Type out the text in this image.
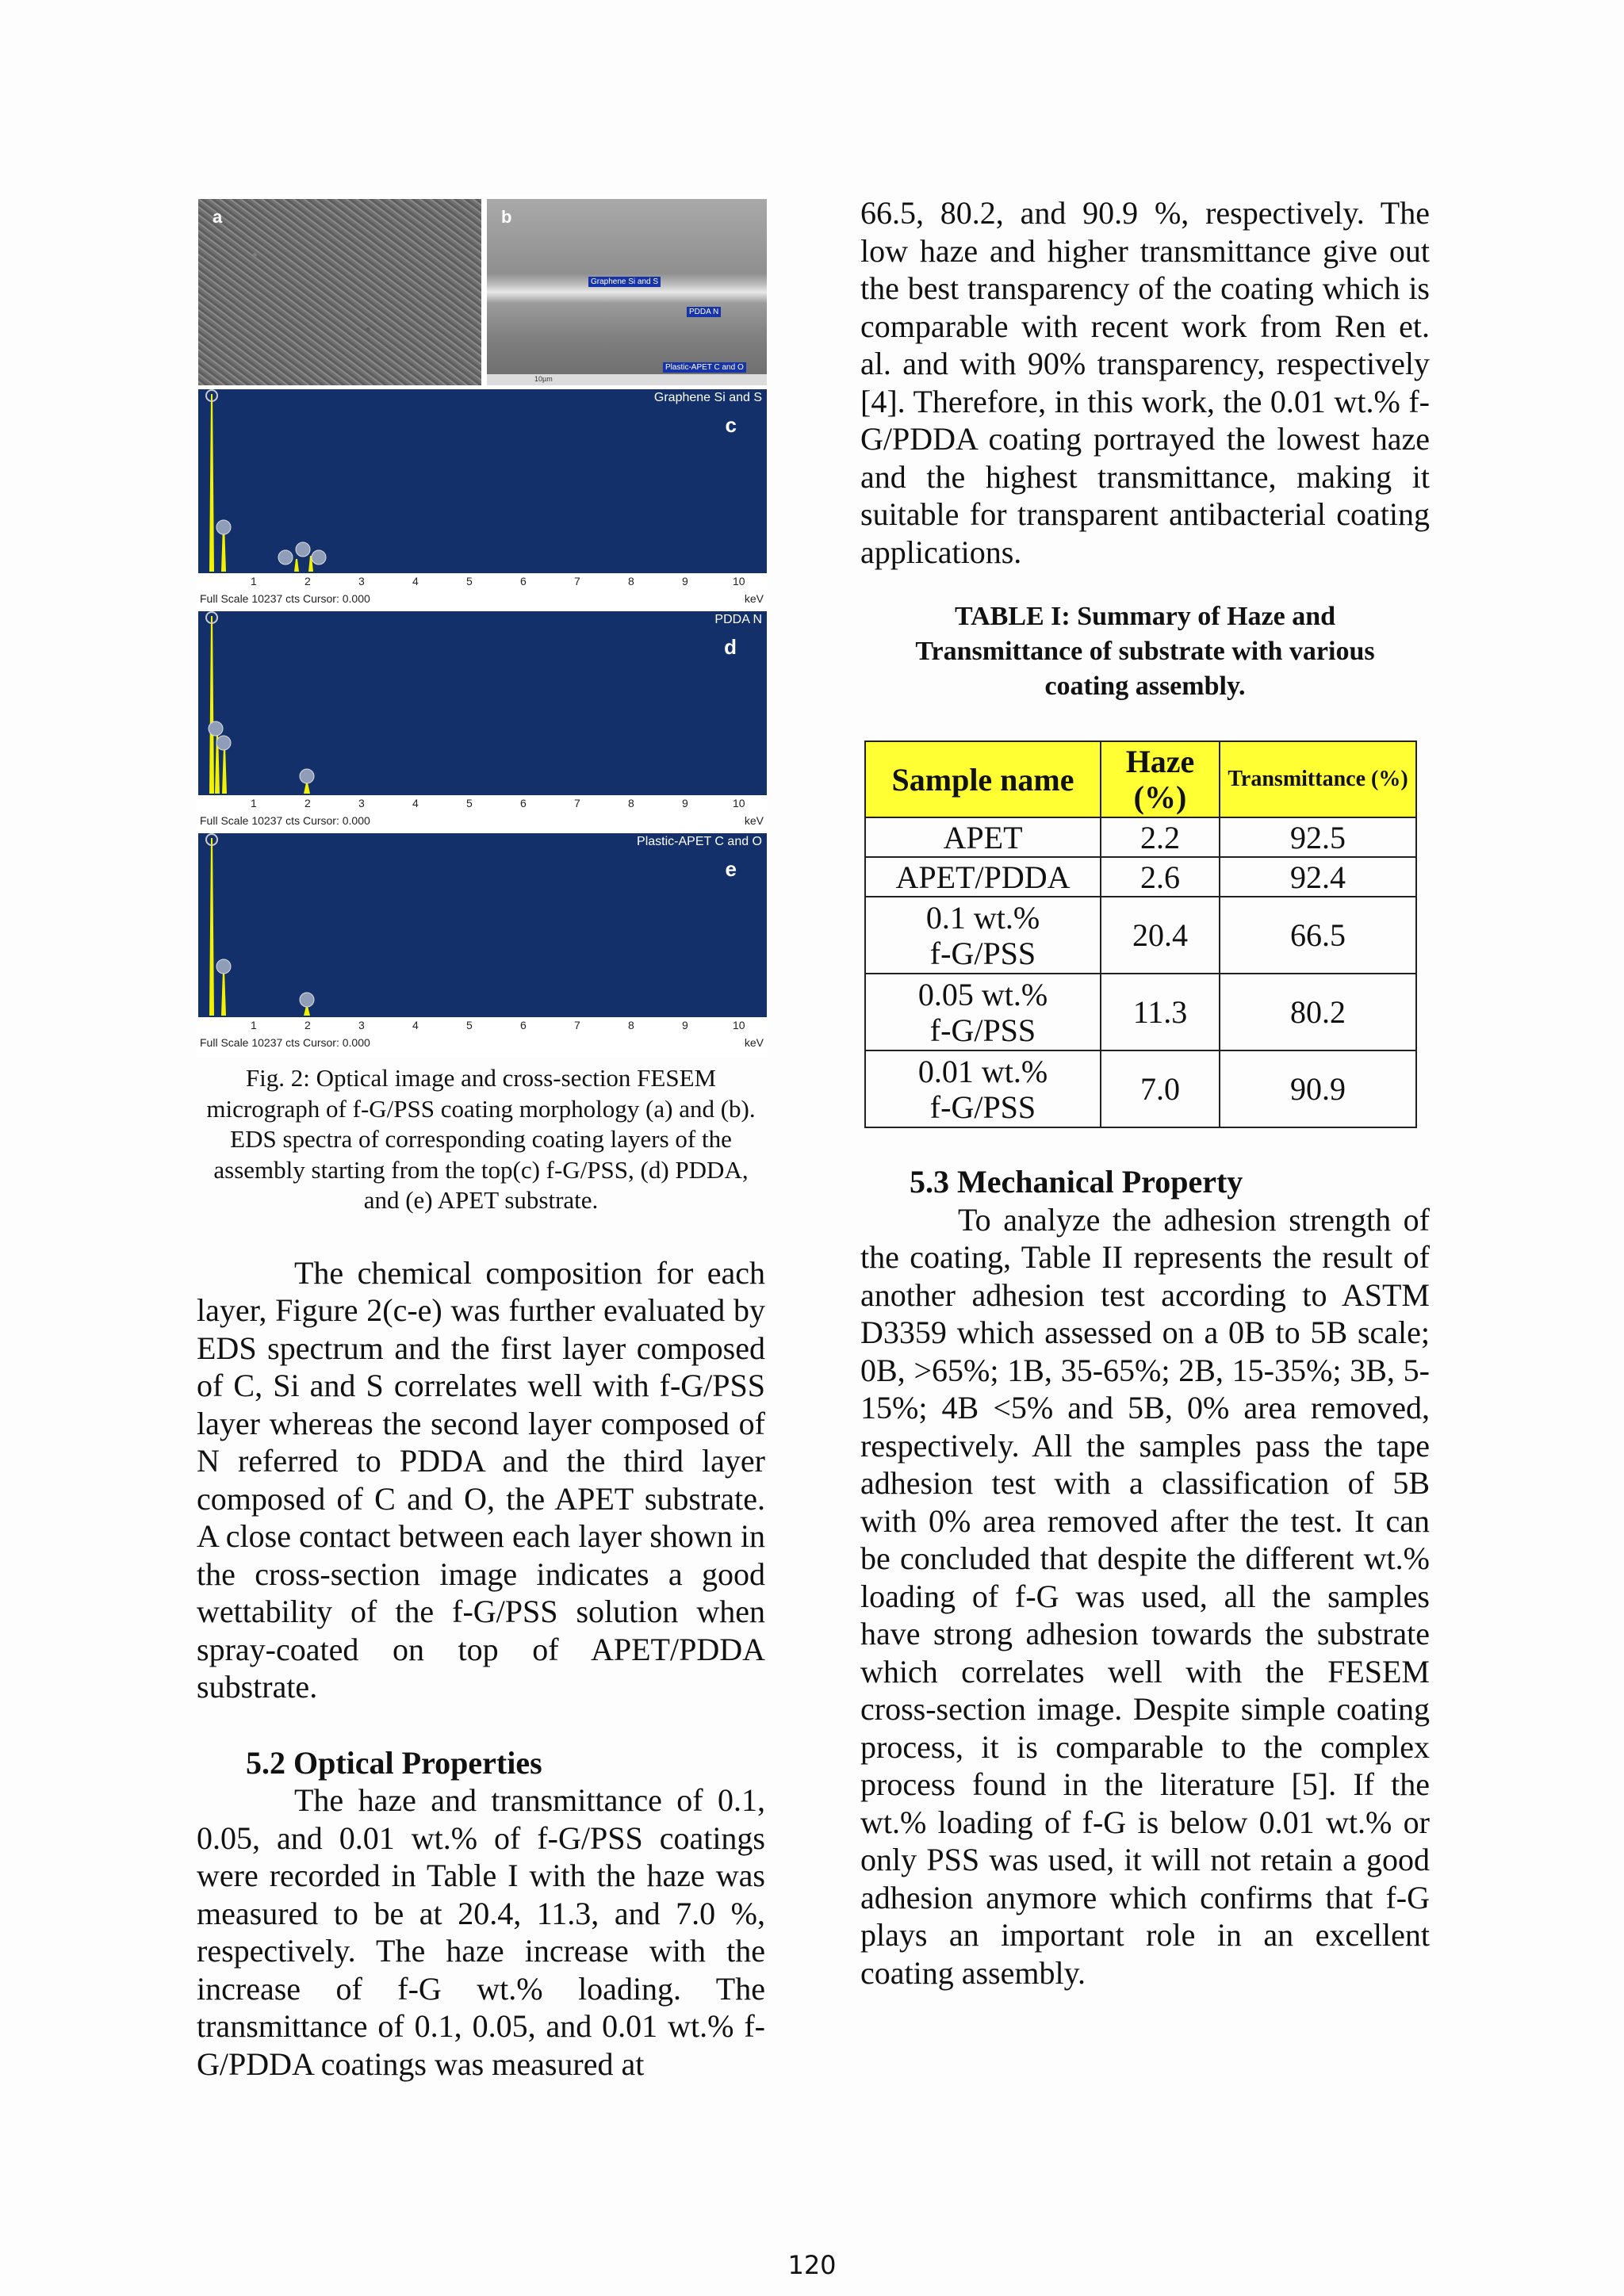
a	b
Graphene Si and S
PDDA N
Plastic-APET C and O
10µm
Graphene Si and S
c
1	2	3	4	5	6	7	8	9	10
Full Scale 10237 cts Cursor: 0.000	keV
PDDA N
d
1	2	3	4	5	6	7	8	9	10
Full Scale 10237 cts Cursor: 0.000	keV
Plastic-APET C and O
e
1	2	3	4	5	6	7	8	9	10
Full Scale 10237 cts Cursor: 0.000	keV

Fig. 2: Optical image and cross-section FESEM micrograph of f-G/PSS coating morphology (a) and (b). EDS spectra of corresponding coating layers of the assembly starting from the top(c) f-G/PSS, (d) PDDA, and (e) APET substrate.

The chemical composition for each layer, Figure 2(c-e) was further evaluated by EDS spectrum and the first layer composed of C, Si and S correlates well with f-G/PSS layer whereas the second layer composed of N referred to PDDA and the third layer composed of C and O, the APET substrate. A close contact between each layer shown in the cross-section image indicates a good wettability of the f-G/PSS solution when spray-coated on top of APET/PDDA substrate.

5.2 Optical Properties

The haze and transmittance of 0.1, 0.05, and 0.01 wt.% of f-G/PSS coatings were recorded in Table I with the haze was measured to be at 20.4, 11.3, and 7.0 %, respectively. The haze increase with the increase of f-G wt.% loading. The transmittance of 0.1, 0.05, and 0.01 wt.% f-G/PDDA coatings was measured at

66.5, 80.2, and 90.9 %, respectively. The low haze and higher transmittance give out the best transparency of the coating which is comparable with recent work from Ren et. al. and with 90% transparency, respectively [4]. Therefore, in this work, the 0.01 wt.% f-G/PDDA coating portrayed the lowest haze and the highest transmittance, making it suitable for transparent antibacterial coating applications.

TABLE I: Summary of Haze and Transmittance of substrate with various coating assembly.

Sample name	Haze (%)	Transmittance (%)
APET	2.2	92.5
APET/PDDA	2.6	92.4
0.1 wt.% f-G/PSS	20.4	66.5
0.05 wt.% f-G/PSS	11.3	80.2
0.01 wt.% f-G/PSS	7.0	90.9
5.3 Mechanical Property

To analyze the adhesion strength of the coating, Table II represents the result of another adhesion test according to ASTM D3359 which assessed on a 0B to 5B scale; 0B, >65%; 1B, 35-65%; 2B, 15-35%; 3B, 5-15%; 4B <5% and 5B, 0% area removed, respectively. All the samples pass the tape adhesion test with a classification of 5B with 0% area removed after the test. It can be concluded that despite the different wt.% loading of f-G was used, all the samples have strong adhesion towards the substrate which correlates well with the FESEM cross-section image. Despite simple coating process, it is comparable to the complex process found in the literature [5]. If the wt.% loading of f-G is below 0.01 wt.% or only PSS was used, it will not retain a good adhesion anymore which confirms that f-G plays an important role in an excellent coating assembly.

120
